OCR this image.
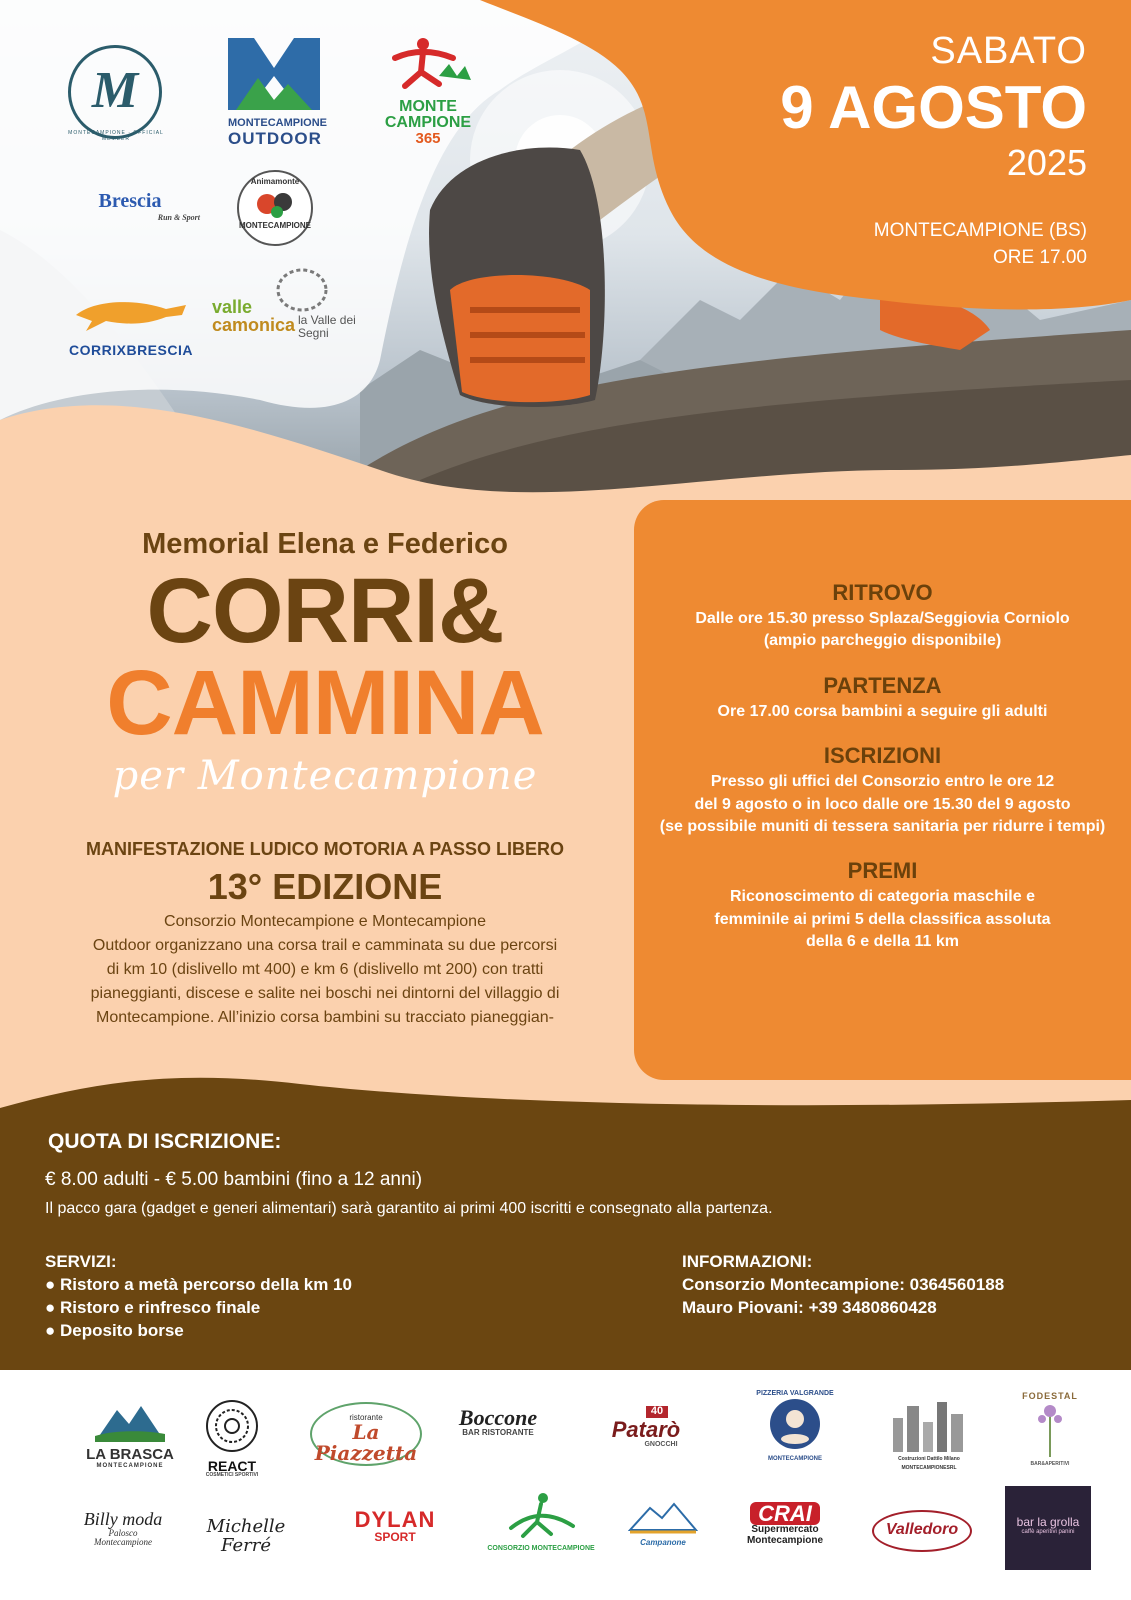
SABATO
9 AGOSTO
2025
MONTECAMPIONE (BS)
ORE 17.00
M
MONTECAMPIONE · OFFICIAL MEMBER
MONTECAMPIONE
OUTDOOR
MONTE
CAMPIONE
365
Brescia
Run & Sport
Animamonte
MONTECAMPIONE
CORRIXBRESCIA
valle
camonica la Valle dei Segni
Memorial Elena e Federico
CORRI&
CAMMINA
per Montecampione
MANIFESTAZIONE LUDICO MOTORIA A PASSO LIBERO
13° EDIZIONE
Consorzio Montecampione e Montecampione
Outdoor organizzano una corsa trail e camminata su due percorsi
di km 10 (dislivello mt 400) e km 6 (dislivello mt 200) con tratti
pianeggianti, discese e salite nei boschi nei dintorni del villaggio di
Montecampione. All’inizio corsa bambini su tracciato pianeggian-
RITROVO
Dalle ore 15.30 presso Splaza/Seggiovia Corniolo
(ampio parcheggio disponibile)
PARTENZA
Ore 17.00 corsa bambini a seguire gli adulti
ISCRIZIONI
Presso gli uffici del Consorzio entro le ore 12
del 9 agosto o in loco dalle ore 15.30 del 9 agosto
(se possibile muniti di tessera sanitaria per ridurre i tempi)
PREMI
Riconoscimento di categoria maschile e
femminile ai primi 5 della classifica assoluta
della 6 e della 11 km
QUOTA DI ISCRIZIONE:
€ 8.00 adulti - € 5.00 bambini (fino a 12 anni)
Il pacco gara (gadget e generi alimentari) sarà garantito ai primi 400 iscritti e consegnato alla partenza.
SERVIZI:
● Ristoro a metà percorso della km 10
● Ristoro e rinfresco finale
● Deposito borse
INFORMAZIONI:
Consorzio Montecampione: 0364560188
Mauro Piovani: +39 3480860428
LA BRASCA
MONTECAMPIONE	REACT
COSMETICI SPORTIVI
ristorante
La Piazzetta
Boccone
BAR RISTORANTE
40
Patarò
GNOCCHI
PIZZERIA VALGRANDE
MONTECAMPIONE	Costruzioni Dattilo Milano
MONTECAMPIONESRL
FODESTAL
BAR&APERITIVI
Billy moda
Palosco
Montecampione
Michelle Ferré
DYLAN
SPORT
CONSORZIO MONTECAMPIONE
Campanone
CRAI
Supermercato
Montecampione
Valledoro	bar la grolla
caffè aperitivi panini
